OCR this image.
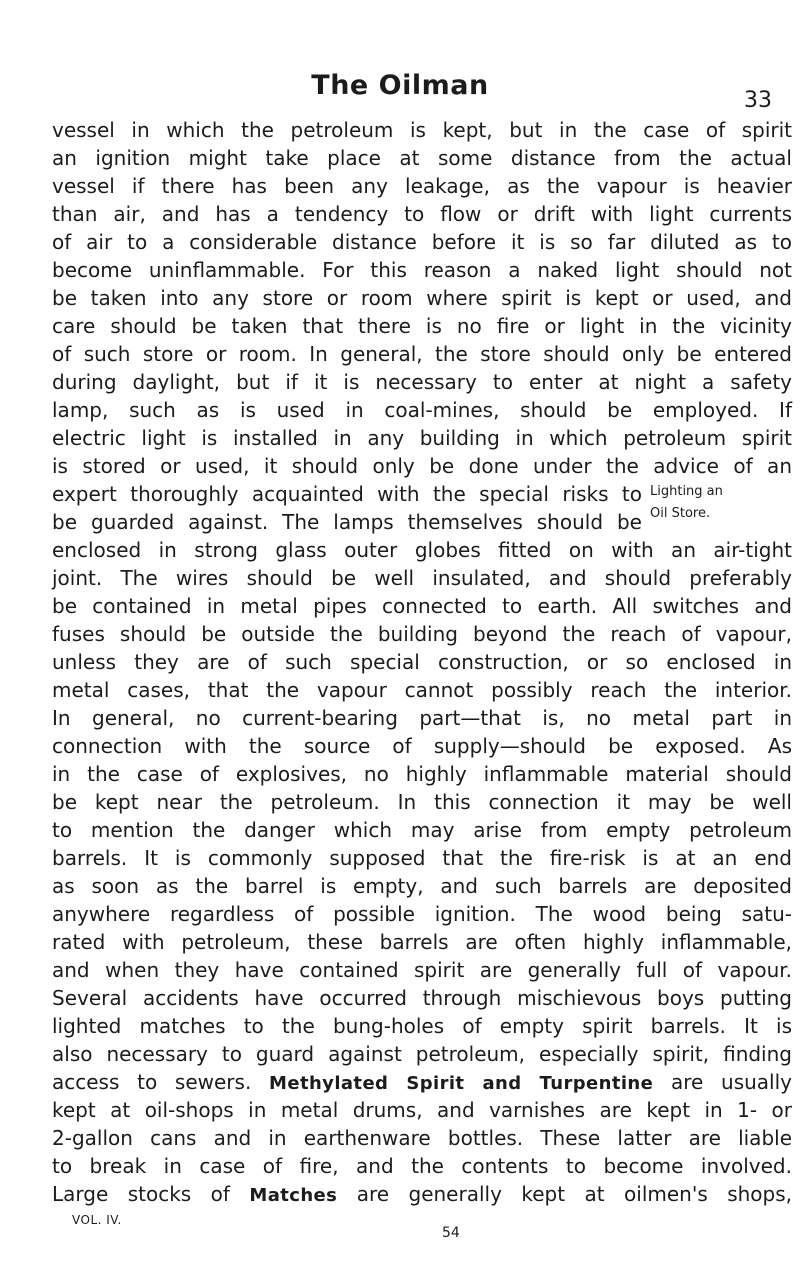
The Oilman	33
vessel in which the petroleum is kept, but in the case of spirit
an ignition might take place at some distance from the actual
vessel if there has been any leakage, as the vapour is heavier
than air, and has a tendency to flow or drift with light currents
of air to a considerable distance before it is so far diluted as to
become uninflammable. For this reason a naked light should not
be taken into any store or room where spirit is kept or used, and
care should be taken that there is no fire or light in the vicinity
of such store or room. In general, the store should only be entered
during daylight, but if it is necessary to enter at night a safety
lamp, such as is used in coal-mines, should be employed. If
electric light is installed in any building in which petroleum spirit
is stored or used, it should only be done under the advice of an
expert thoroughly acquainted with the special risks to
be guarded against. The lamps themselves should be
enclosed in strong glass outer globes fitted on with an air-tight
joint. The wires should be well insulated, and should preferably
be contained in metal pipes connected to earth. All switches and
fuses should be outside the building beyond the reach of vapour,
unless they are of such special construction, or so enclosed in
metal cases, that the vapour cannot possibly reach the interior.
In general, no current-bearing part—that is, no metal part in
connection with the source of supply—should be exposed. As
in the case of explosives, no highly inflammable material should
be kept near the petroleum. In this connection it may be well
to mention the danger which may arise from empty petroleum
barrels. It is commonly supposed that the fire-risk is at an end
as soon as the barrel is empty, and such barrels are deposited
anywhere regardless of possible ignition. The wood being satu-
rated with petroleum, these barrels are often highly inflammable,
and when they have contained spirit are generally full of vapour.
Several accidents have occurred through mischievous boys putting
lighted matches to the bung-holes of empty spirit barrels. It is
also necessary to guard against petroleum, especially spirit, finding
access to sewers. Methylated Spirit and Turpentine are usually
kept at oil-shops in metal drums, and varnishes are kept in 1- or
2-gallon cans and in earthenware bottles. These latter are liable
to break in case of fire, and the contents to become involved.
Large stocks of Matches are generally kept at oilmen's shops,
Lighting an
Oil Store.
VOL. IV.
54
